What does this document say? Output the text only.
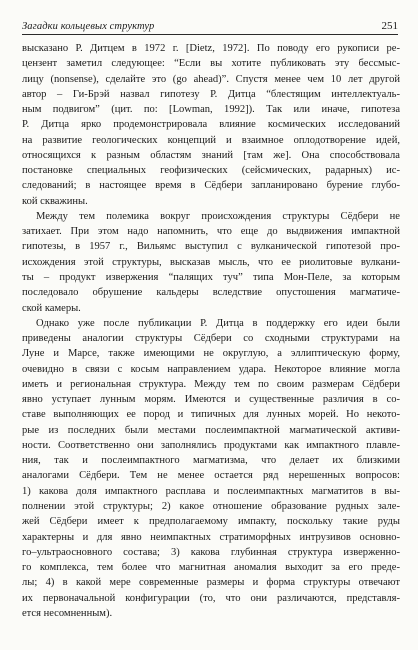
Загадки кольцевых структур	251
высказано Р. Дитцем в 1972 г. [Dietz, 1972]. По поводу его рукописи ре-
цензент заметил следующее: “Если вы хотите публиковать эту бессмыс-
лицу (nonsense), сделайте это (go ahead)”. Спустя менее чем 10 лет другой
автор – Ги-Брэй назвал гипотезу Р. Дитца “блестящим интеллектуаль-
ным подвигом” (цит. по: [Lowman, 1992]). Так или иначе, гипотеза
Р. Дитца ярко продемонстрировала влияние космических исследований
на развитие геологических концепций и взаимное оплодотворение идей,
относящихся к разным областям знаний [там же]. Она способствовала
постановке специальных геофизических (сейсмических, радарных) ис-
следований; в настоящее время в Сёдбери запланировано бурение глубо-
кой скважины.
Между тем полемика вокруг происхождения структуры Сёдбери не
затихает. При этом надо напомнить, что еще до выдвижения импактной
гипотезы, в 1957 г., Вильямс выступил с вулканической гипотезой про-
исхождения этой структуры, высказав мысль, что ее риолитовые вулкани-
ты – продукт извержения “палящих туч” типа Мон-Пеле, за которым
последовало обрушение кальдеры вследствие опустошения магматиче-
ской камеры.
Однако уже после публикации Р. Дитца в поддержку его идеи были
приведены аналогии структуры Сёдбери со сходными структурами на
Луне и Марсе, также имеющими не округлую, а эллиптическую форму,
очевидно в связи с косым направлением удара. Некоторое влияние могла
иметь и региональная структура. Между тем по своим размерам Сёдбери
явно уступает лунным морям. Имеются и существенные различия в со-
ставе выполняющих ее пород и типичных для лунных морей. Но некото-
рые из последних были местами послеимпактной магматической активи-
ности. Соответственно они заполнялись продуктами как импактного плавле-
ния, так и послеимпактного магматизма, что делает их близкими
аналогами Сёдбери. Тем не менее остается ряд нерешенных вопросов:
1) какова доля импактного расплава и послеимпактных магматитов в вы-
полнении этой структуры; 2) какое отношение образование рудных залe-
жей Сёдбери имеет к предполагаемому импакту, поскольку такие руды
характерны и для явно неимпактных стратиморфных интрузивов основно-
го–ультраосновного состава; 3) какова глубинная структура изверженно-
го комплекса, тем более что магнитная аномалия выходит за его преде-
лы; 4) в какой мере современные размеры и форма структуры отвечают
их первоначальной конфигурации (то, что они различаются, представля-
ется несомненным).
